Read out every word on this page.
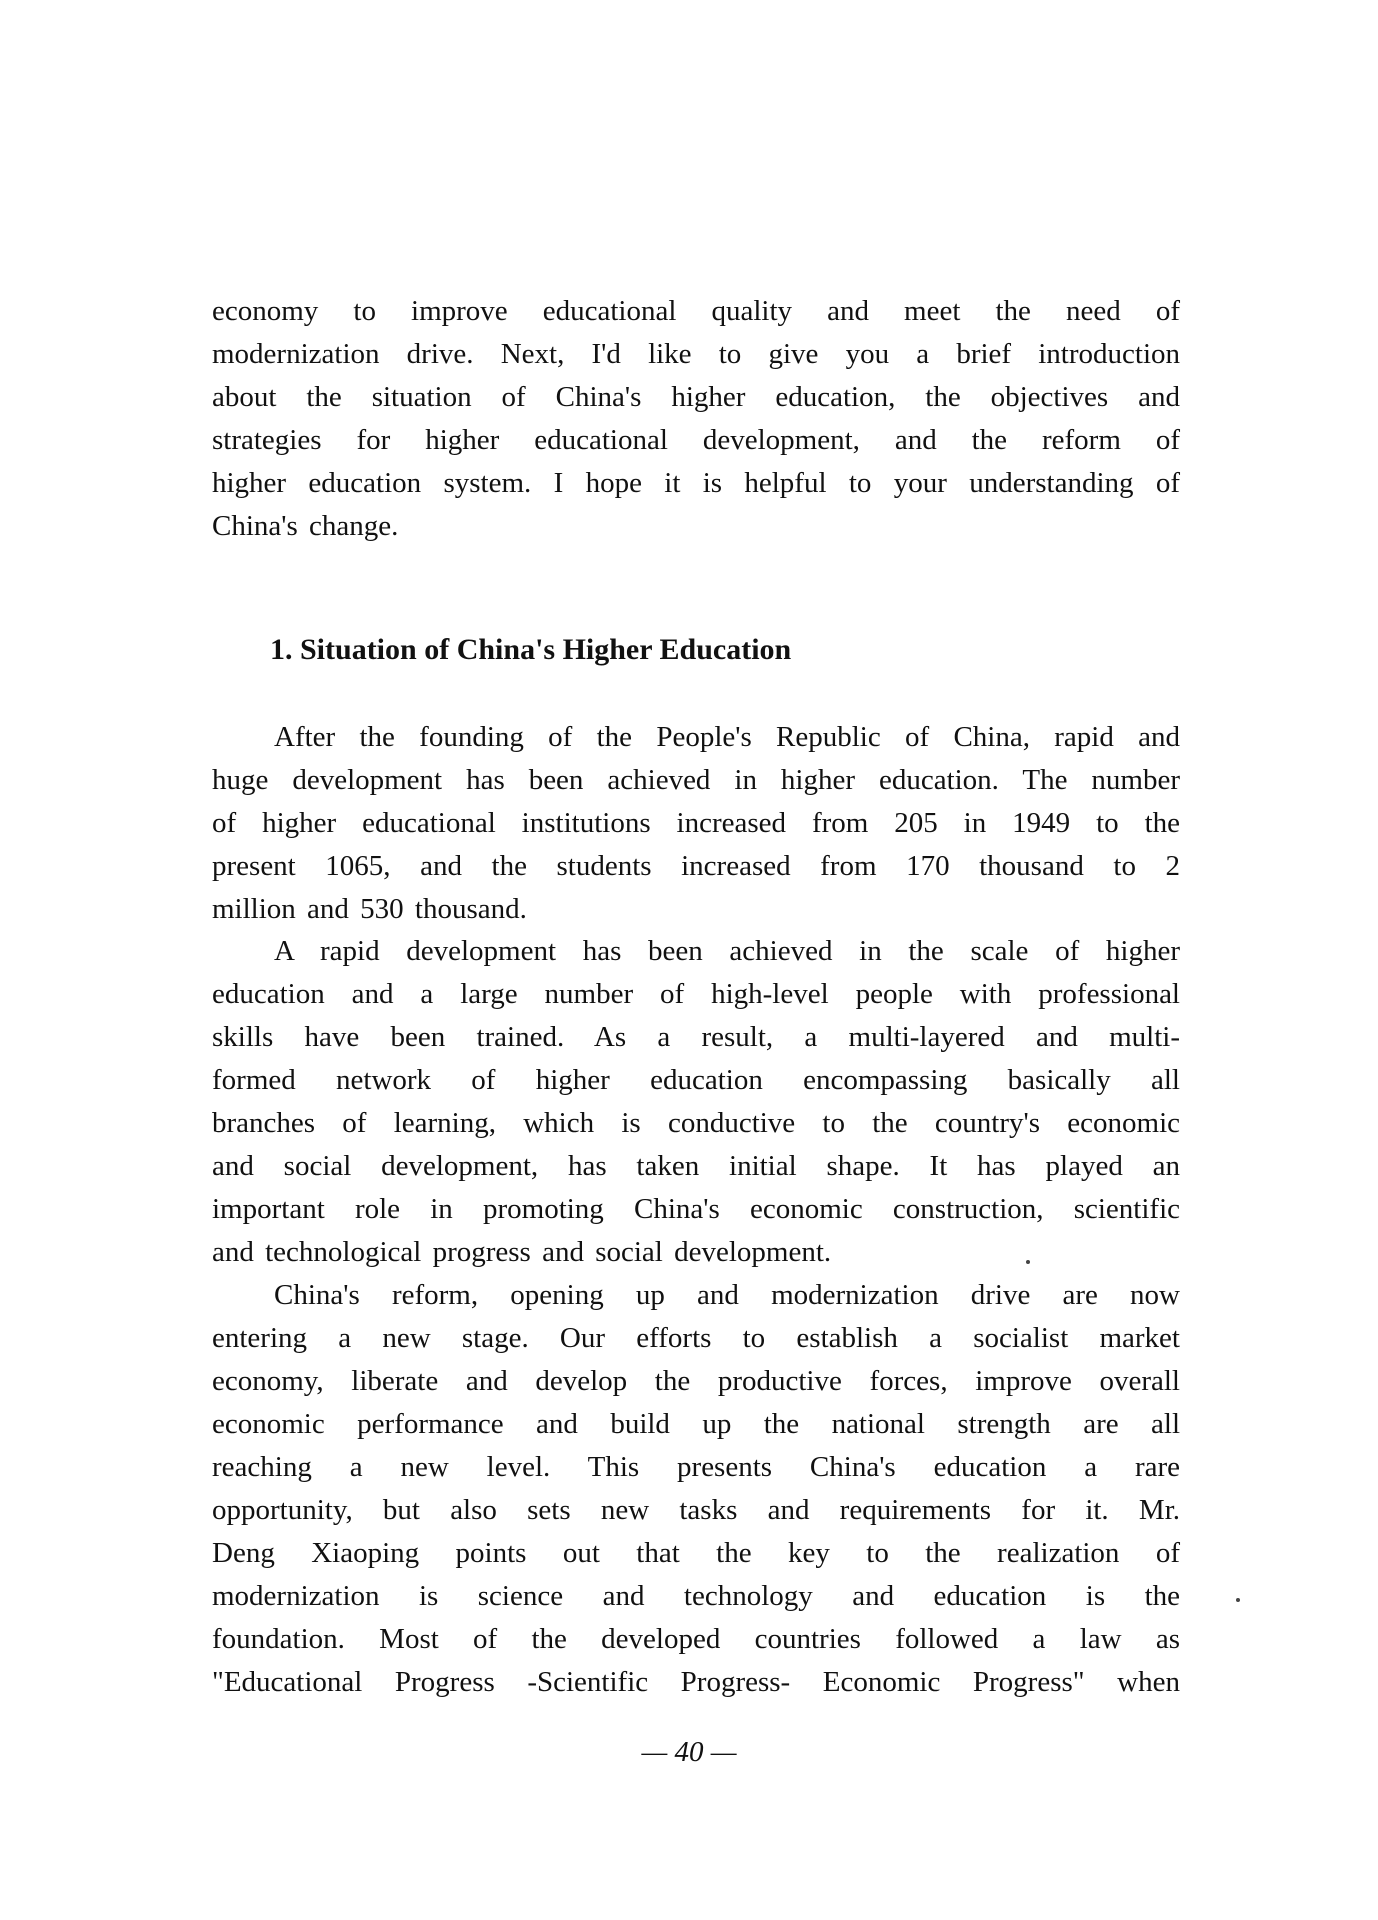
economy to improve educational quality and meet the need of
modernization drive. Next, I'd like to give you a brief introduction
about the situation of China's higher education, the objectives and
strategies for higher educational development, and the reform of
higher education system. I hope it is helpful to your understanding of
China's change.
1. Situation of China's Higher Education
After the founding of the People's Republic of China, rapid and
huge development has been achieved in higher education. The number
of higher educational institutions increased from 205 in 1949 to the
present 1065, and the students increased from 170 thousand to 2
million and 530 thousand.
A rapid development has been achieved in the scale of higher
education and a large number of high-level people with professional
skills have been trained. As a result, a multi-layered and multi-
formed network of higher education encompassing basically all
branches of learning, which is conductive to the country's economic
and social development, has taken initial shape. It has played an
important role in promoting China's economic construction, scientific
and technological progress and social development.
China's reform, opening up and modernization drive are now
entering a new stage. Our efforts to establish a socialist market
economy, liberate and develop the productive forces, improve overall
economic performance and build up the national strength are all
reaching a new level. This presents China's education a rare
opportunity, but also sets new tasks and requirements for it. Mr.
Deng Xiaoping points out that the key to the realization of
modernization is science and technology and education is the
foundation. Most of the developed countries followed a law as
"Educational Progress -Scientific Progress- Economic Progress" when
— 40 —
